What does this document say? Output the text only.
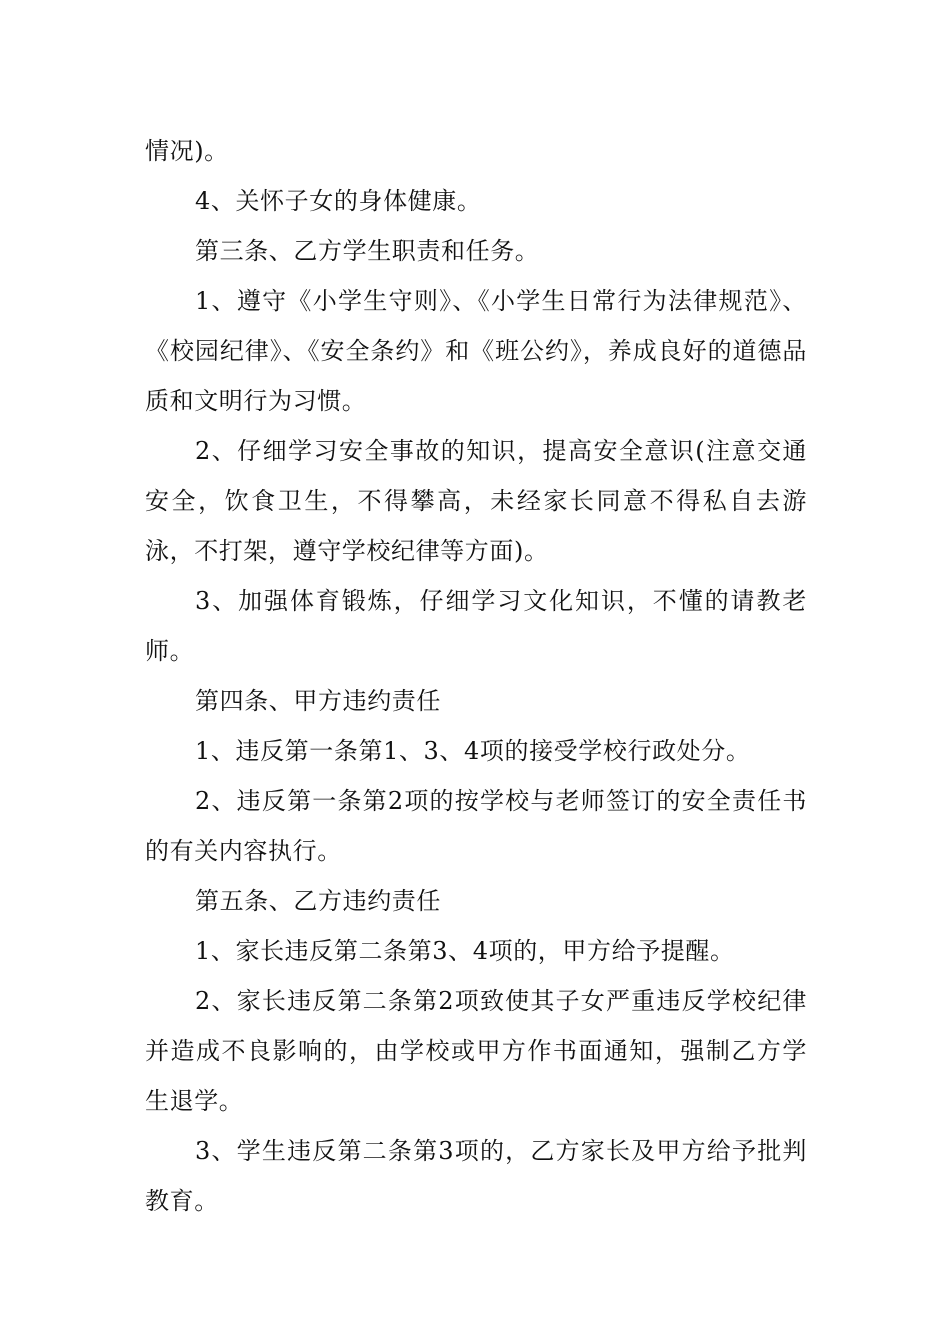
情况)。

4、关怀子女的身体健康。

第三条、乙方学生职责和任务。

1、遵守《小学生守则》、《小学生日常行为法律规范》、《校园纪律》、《安全条约》和《班公约》，养成良好的道德品质和文明行为习惯。

2、仔细学习安全事故的知识，提高安全意识(注意交通安全，饮食卫生，不得攀高，未经家长同意不得私自去游泳，不打架，遵守学校纪律等方面)。

3、加强体育锻炼，仔细学习文化知识，不懂的请教老师。

第四条、甲方违约责任

1、违反第一条第1、3、4项的接受学校行政处分。

2、违反第一条第2项的按学校与老师签订的安全责任书的有关内容执行。

第五条、乙方违约责任

1、家长违反第二条第3、4项的，甲方给予提醒。

2、家长违反第二条第2项致使其子女严重违反学校纪律并造成不良影响的，由学校或甲方作书面通知，强制乙方学生退学。

3、学生违反第二条第3项的，乙方家长及甲方给予批判教育。
